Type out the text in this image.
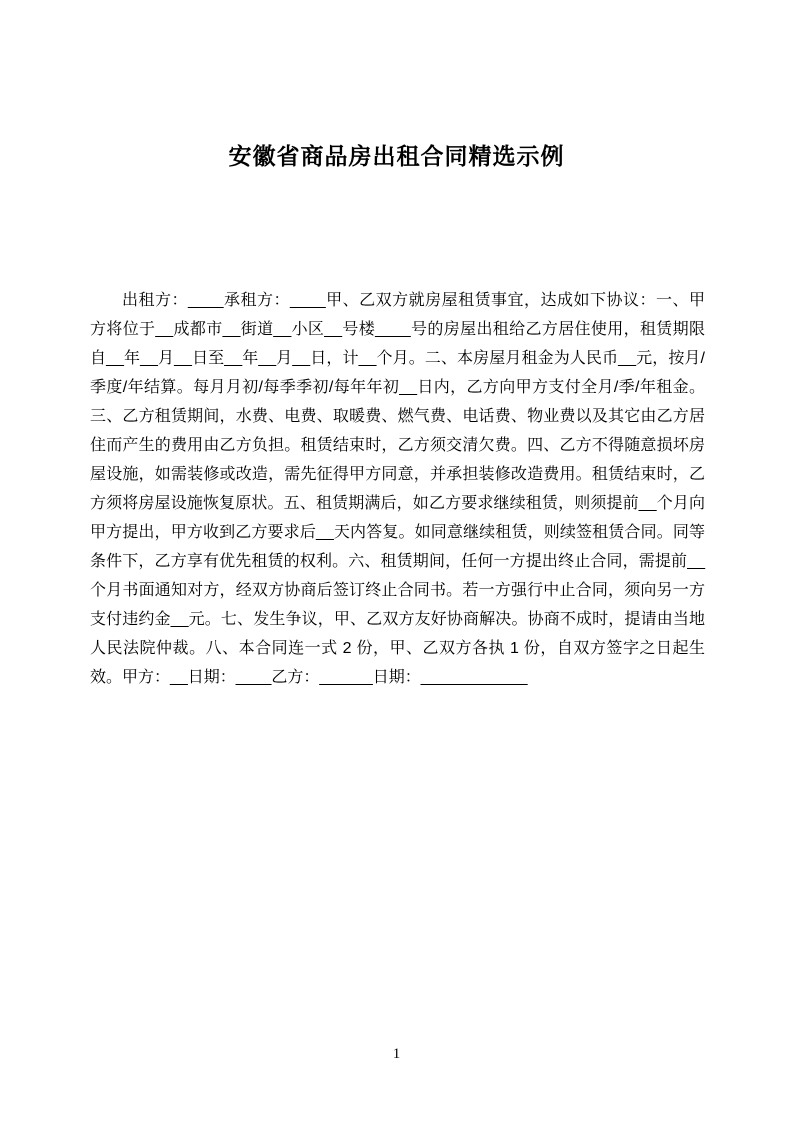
安徽省商品房出租合同精选示例

出租方：____承租方：____甲、乙双方就房屋租赁事宜，达成如下协议：一、甲方将位于__成都市__街道__小区__号楼____号的房屋出租给乙方居住使用，租赁期限自__年__月__日至__年__月__日，计__个月。二、本房屋月租金为人民币__元，按月/季度/年结算。每月月初/每季季初/每年年初__日内，乙方向甲方支付全月/季/年租金。三、乙方租赁期间，水费、电费、取暖费、燃气费、电话费、物业费以及其它由乙方居住而产生的费用由乙方负担。租赁结束时，乙方须交清欠费。四、乙方不得随意损坏房屋设施，如需装修或改造，需先征得甲方同意，并承担装修改造费用。租赁结束时，乙方须将房屋设施恢复原状。五、租赁期满后，如乙方要求继续租赁，则须提前__个月向甲方提出，甲方收到乙方要求后__天内答复。如同意继续租赁，则续签租赁合同。同等条件下，乙方享有优先租赁的权利。六、租赁期间，任何一方提出终止合同，需提前__个月书面通知对方，经双方协商后签订终止合同书。若一方强行中止合同，须向另一方支付违约金__元。七、发生争议，甲、乙双方友好协商解决。协商不成时，提请由当地人民法院仲裁。八、本合同连一式 2 份，甲、乙双方各执 1 份，自双方签字之日起生效。甲方：__日期：____乙方：______日期：____________

1
